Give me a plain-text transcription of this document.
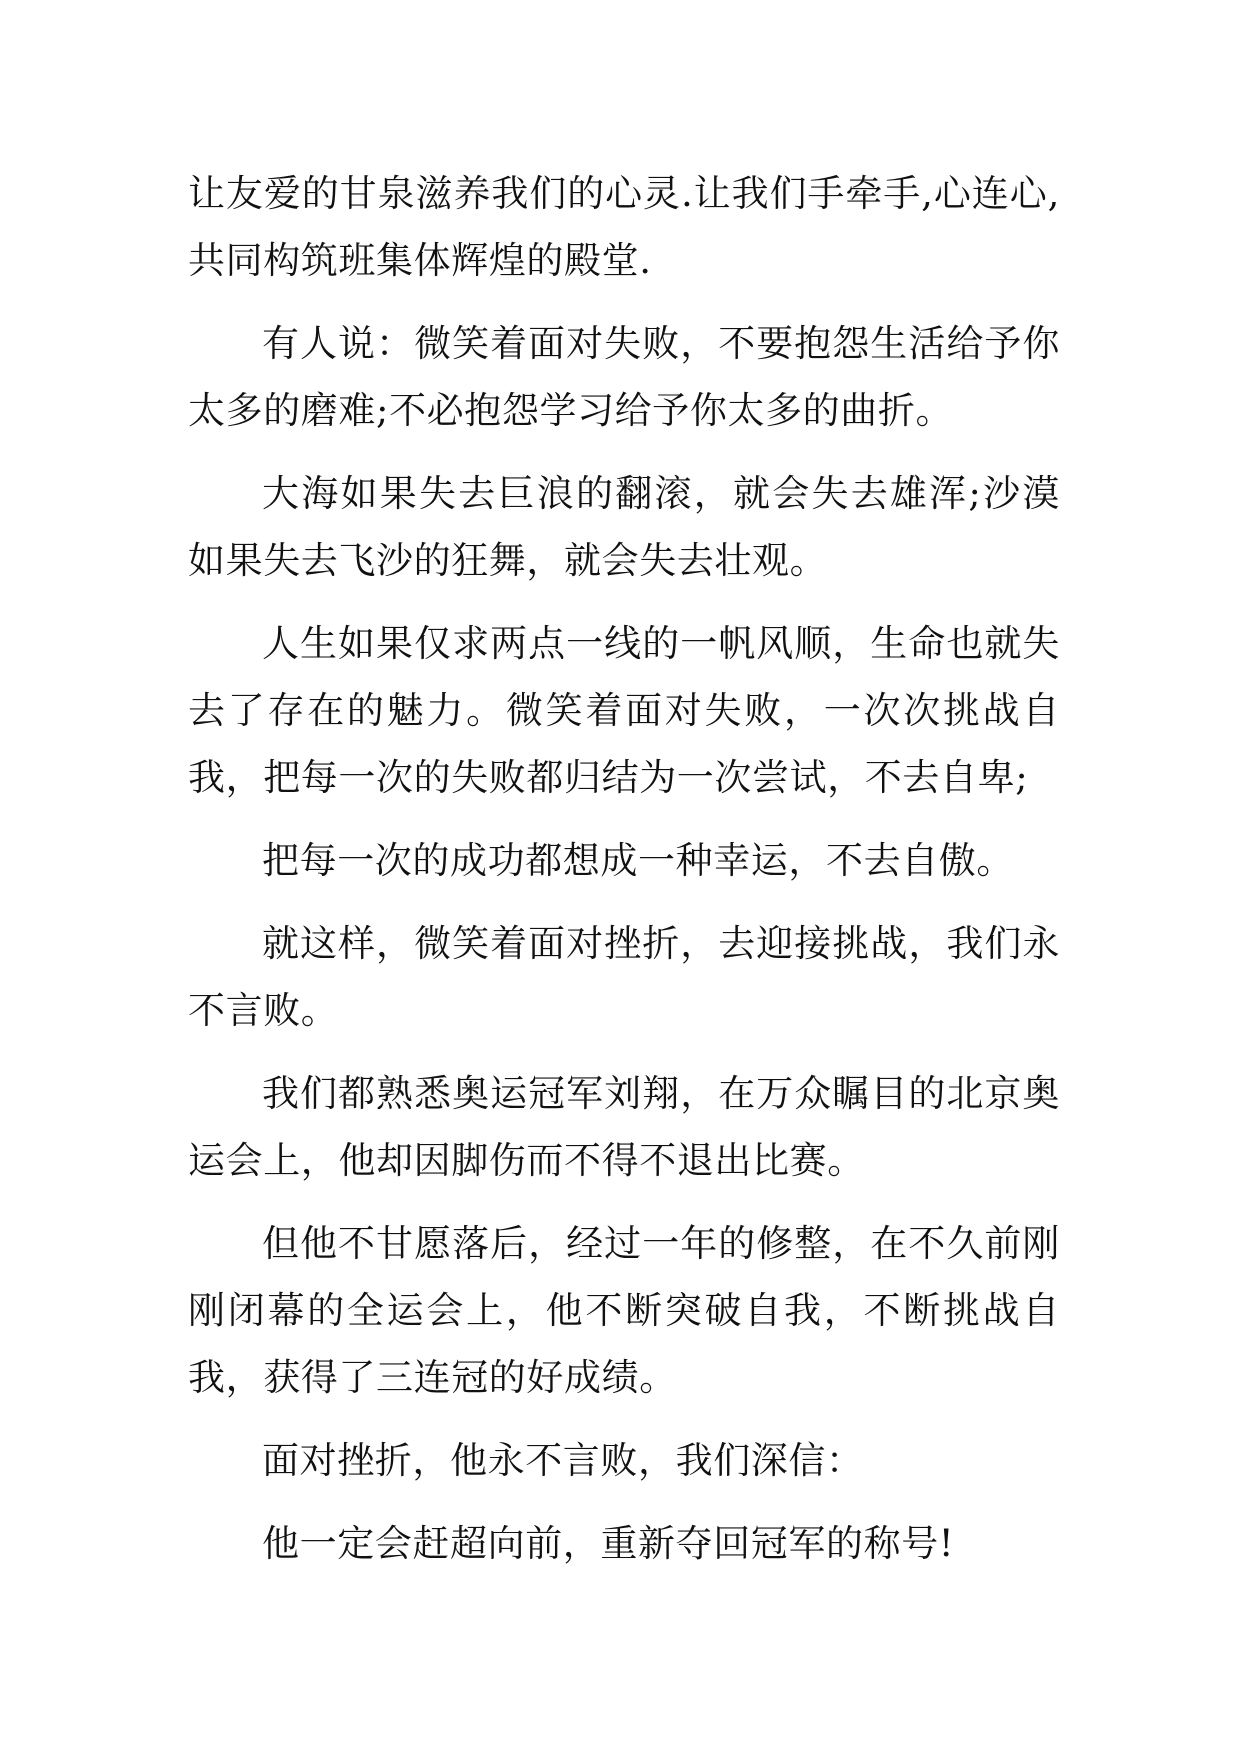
让友爱的甘泉滋养我们的心灵.让我们手牵手,心连心,共同构筑班集体辉煌的殿堂.

有人说：微笑着面对失败，不要抱怨生活给予你太多的磨难;不必抱怨学习给予你太多的曲折。

大海如果失去巨浪的翻滚，就会失去雄浑;沙漠如果失去飞沙的狂舞，就会失去壮观。

人生如果仅求两点一线的一帆风顺，生命也就失去了存在的魅力。微笑着面对失败，一次次挑战自我，把每一次的失败都归结为一次尝试，不去自卑;

把每一次的成功都想成一种幸运，不去自傲。

就这样，微笑着面对挫折，去迎接挑战，我们永不言败。

我们都熟悉奥运冠军刘翔，在万众瞩目的北京奥运会上，他却因脚伤而不得不退出比赛。

但他不甘愿落后，经过一年的修整，在不久前刚刚闭幕的全运会上，他不断突破自我，不断挑战自我，获得了三连冠的好成绩。

面对挫折，他永不言败，我们深信：

他一定会赶超向前，重新夺回冠军的称号!
